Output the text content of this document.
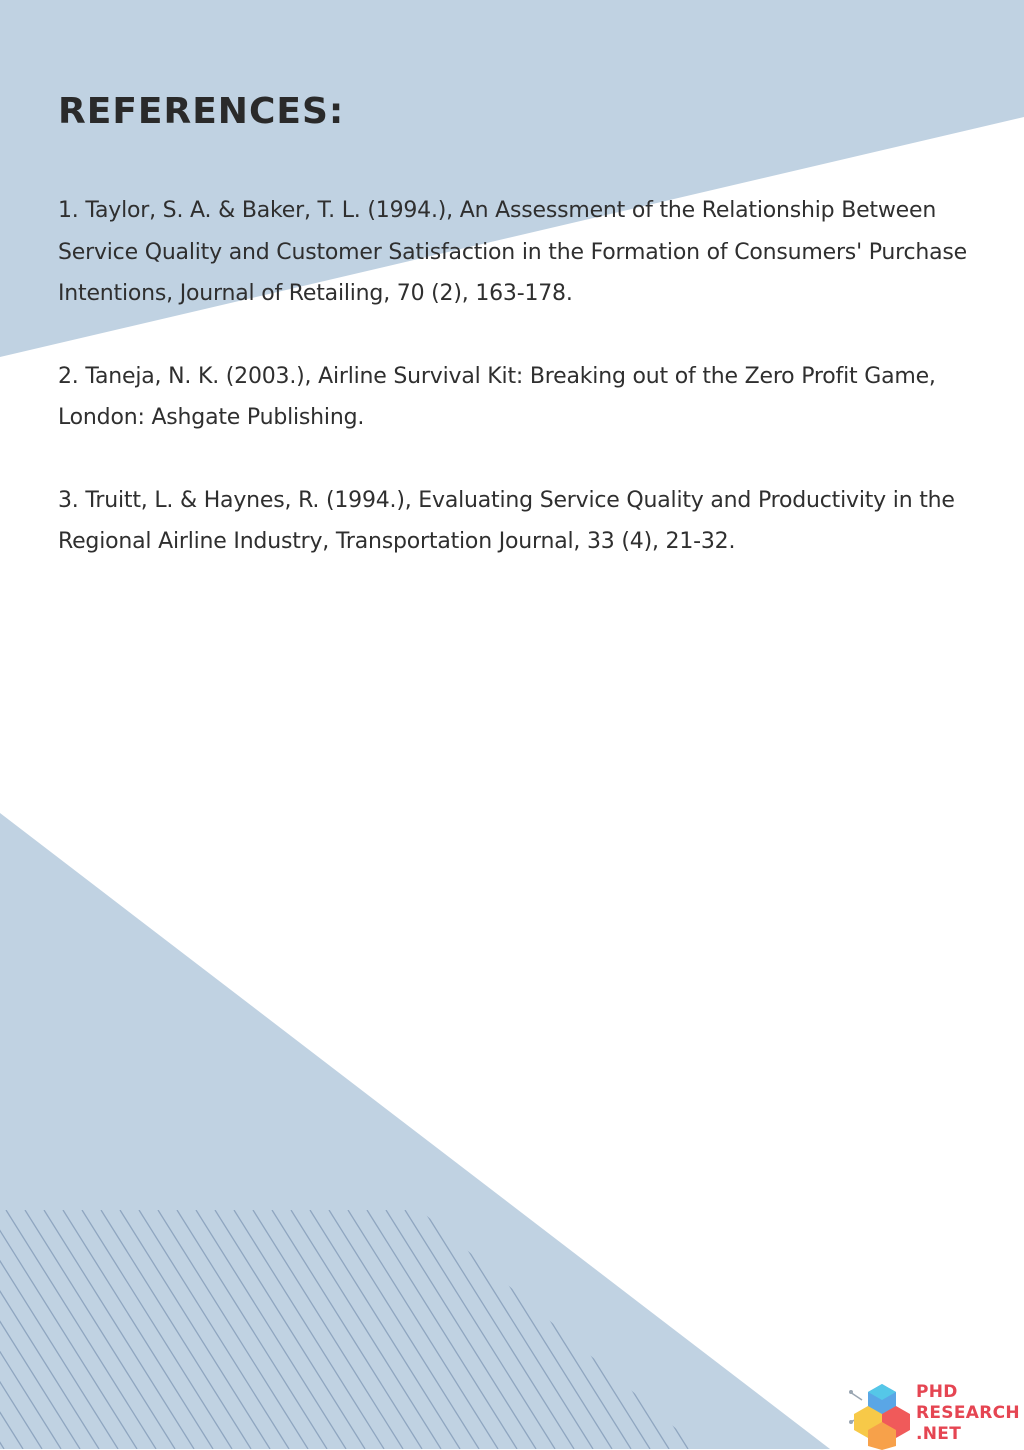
REFERENCES:

1. Taylor, S. A. & Baker, T. L. (1994.), An Assessment of the Relationship Between Service Quality and Customer Satisfaction in the Formation of Consumers' Purchase Intentions, Journal of Retailing, 70 (2), 163-178.

2. Taneja, N. K. (2003.), Airline Survival Kit: Breaking out of the Zero Profit Game, London: Ashgate Publishing.

3. Truitt, L. & Haynes, R. (1994.), Evaluating Service Quality and Productivity in the Regional Airline Industry, Transportation Journal, 33 (4), 21-32.

PHD
RESEARCH
.NET
